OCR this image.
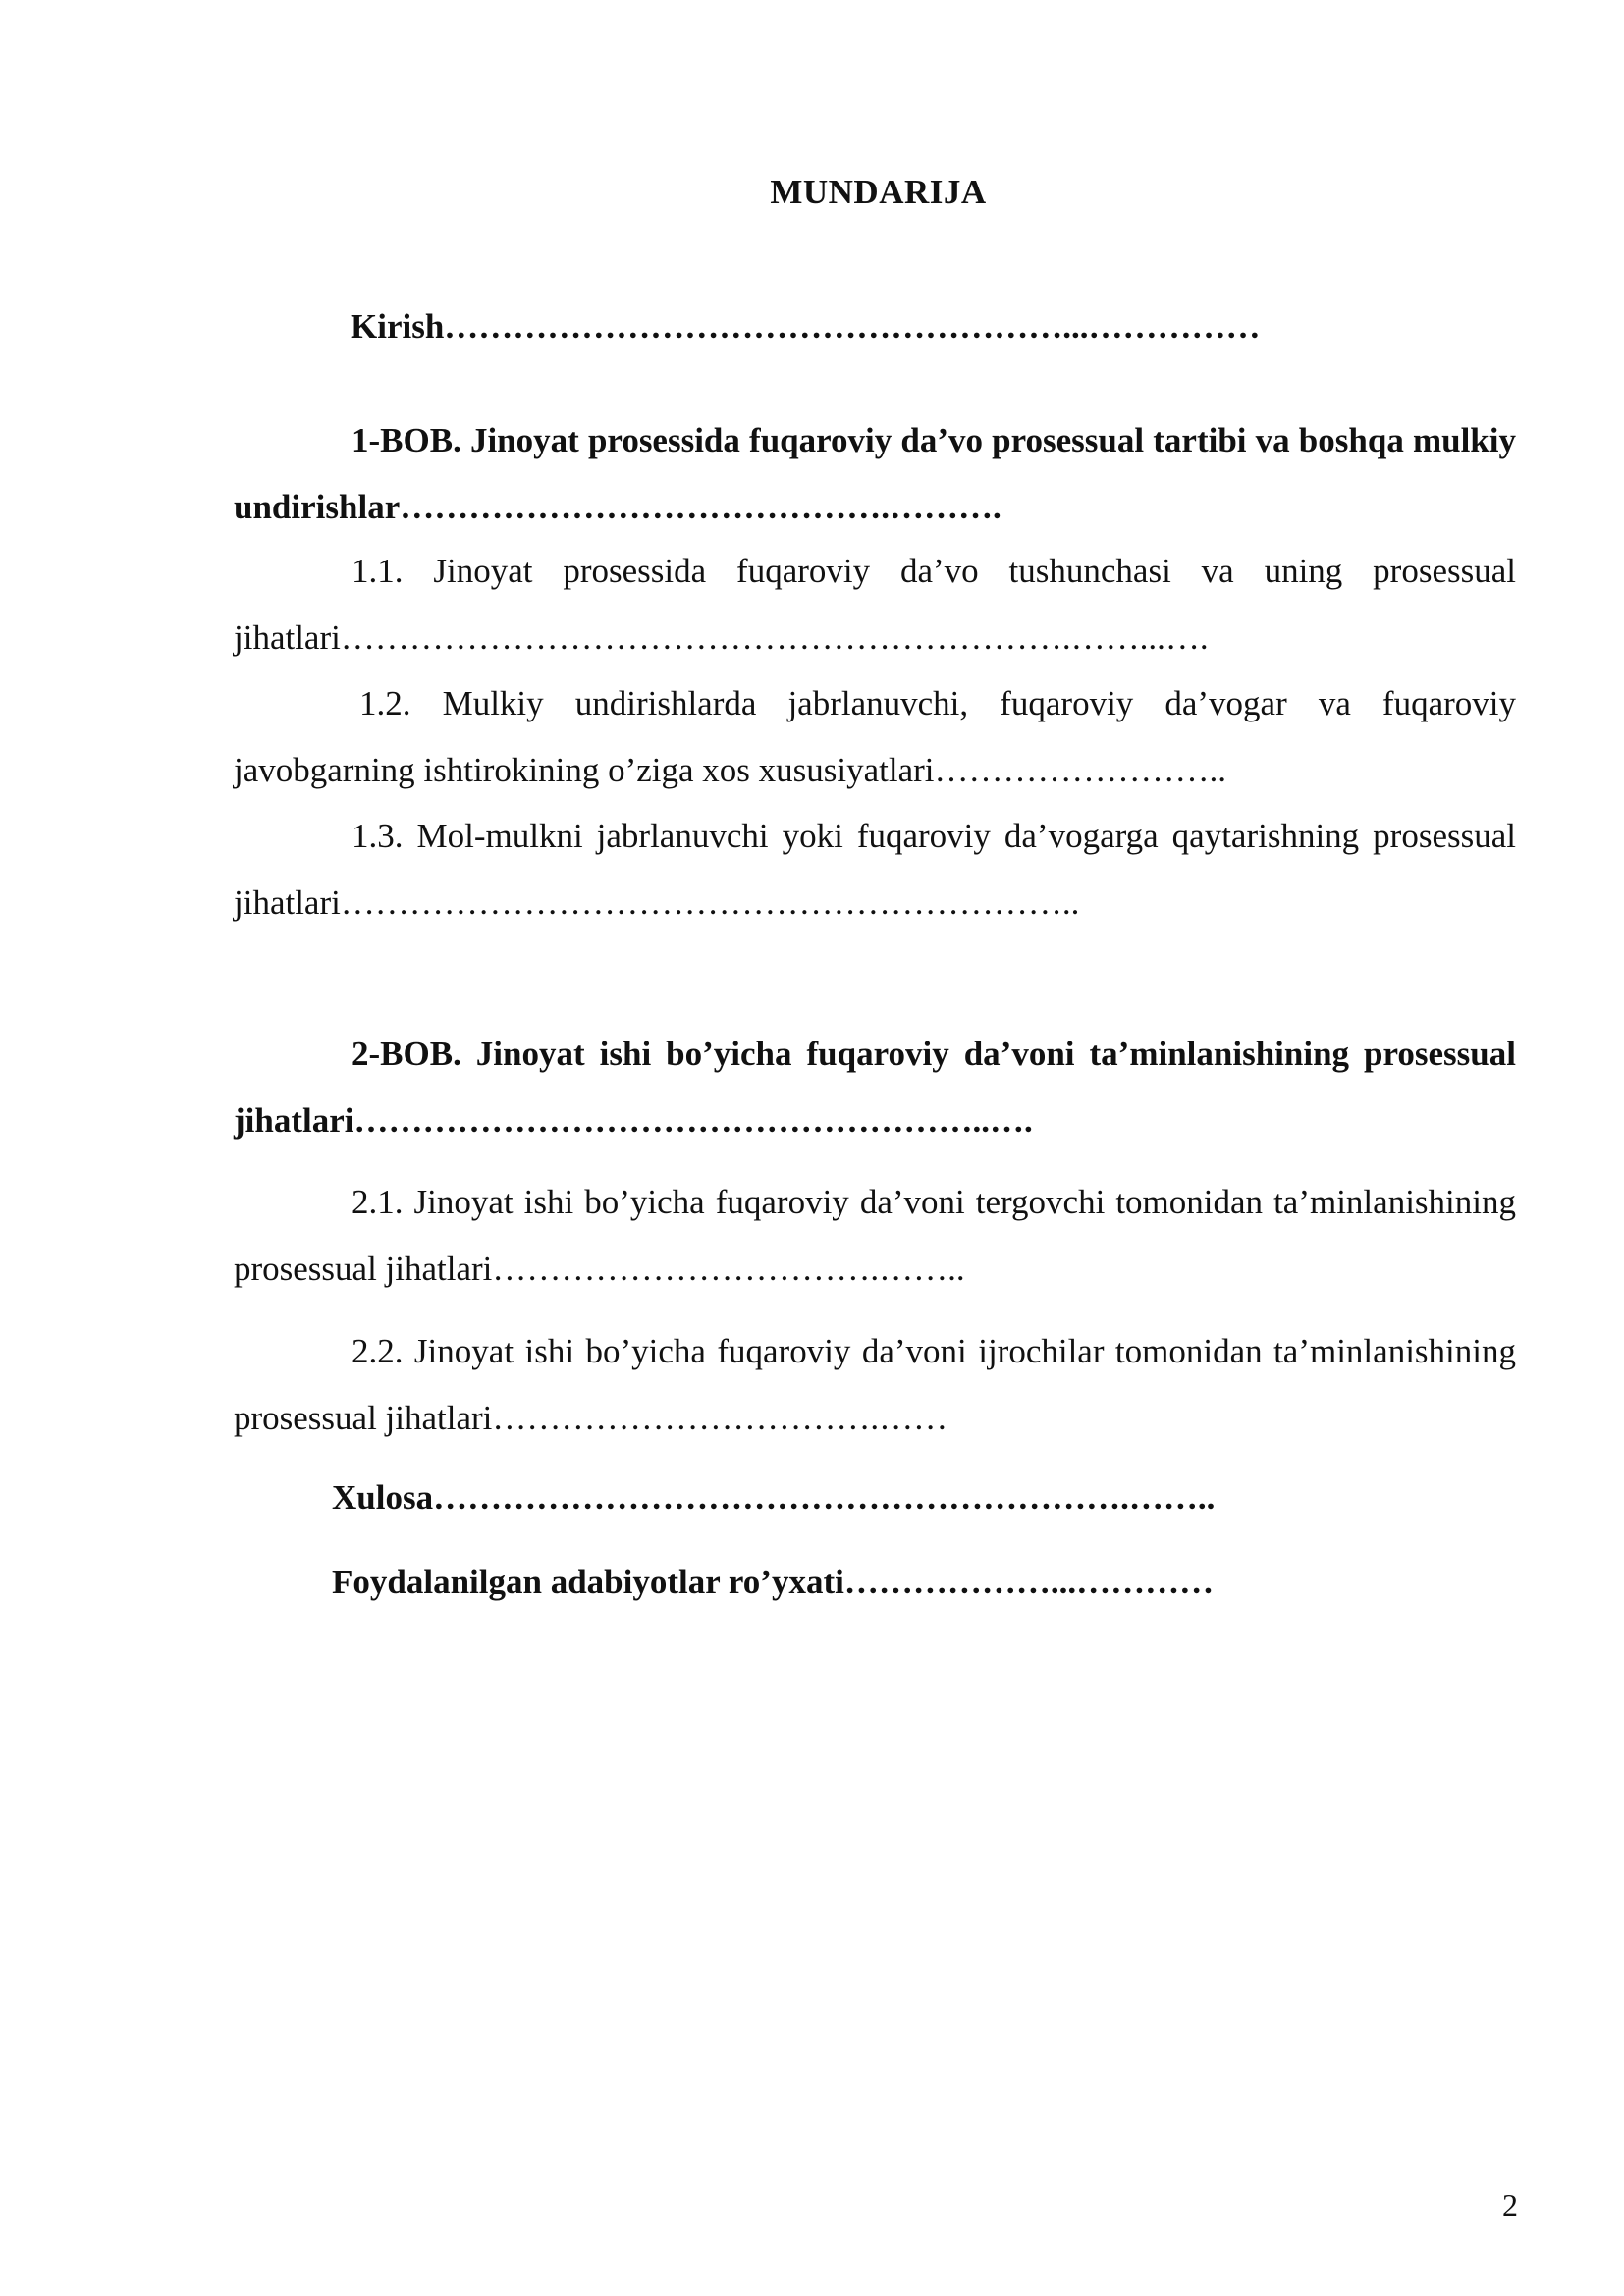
MUNDARIJA
Kirish………………………………………………...……………
1-BOB. Jinoyat prosessida fuqaroviy da’vo prosessual tartibi va boshqa mulkiy undirishlar…………………………………….……….
1.1. Jinoyat prosessida fuqaroviy da’vo tushunchasi va uning prosessual jihatlari……………………………………………………….……...….
1.2. Mulkiy undirishlarda jabrlanuvchi, fuqaroviy da’vogar va fuqaroviy javobgarning ishtirokining o’ziga xos xususiyatlari……………………..
1.3. Mol-mulkni jabrlanuvchi yoki fuqaroviy da’vogarga qaytarishning prosessual jihatlari………………………………………………………..
2-BOB. Jinoyat ishi bo’yicha fuqaroviy da’voni ta’minlanishining prosessual jihatlari………………………………………………..….
2.1. Jinoyat ishi bo’yicha fuqaroviy da’voni tergovchi tomonidan ta’minlanishining prosessual jihatlari…………………………….……..
2.2. Jinoyat ishi bo’yicha fuqaroviy da’voni ijrochilar tomonidan ta’minlanishining prosessual jihatlari…………………………….……
Xulosa…………………………………………………….……..
Foydalanilgan adabiyotlar ro’yxati………………...…………
2
